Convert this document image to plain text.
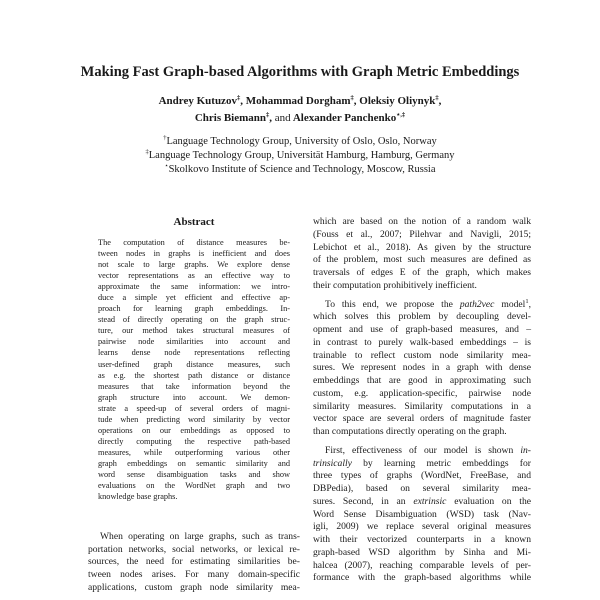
Making Fast Graph-based Algorithms with Graph Metric Embeddings
Andrey Kutuzov‡, Mohammad Dorgham‡, Oleksiy Oliynyk‡,
Chris Biemann‡, and Alexander Panchenko⋆,‡
†Language Technology Group, University of Oslo, Oslo, Norway
‡Language Technology Group, Universität Hamburg, Hamburg, Germany
⋆Skolkovo Institute of Science and Technology, Moscow, Russia
Abstract
The computation of distance measures be-
tween nodes in graphs is inefficient and does
not scale to large graphs. We explore dense
vector representations as an effective way to
approximate the same information: we intro-
duce a simple yet efficient and effective ap-
proach for learning graph embeddings. In-
stead of directly operating on the graph struc-
ture, our method takes structural measures of
pairwise node similarities into account and
learns dense node representations reflecting
user-defined graph distance measures, such
as e.g. the shortest path distance or distance
measures that take information beyond the
graph structure into account. We demon-
strate a speed-up of several orders of magni-
tude when predicting word similarity by vector
operations on our embeddings as opposed to
directly computing the respective path-based
measures, while outperforming various other
graph embeddings on semantic similarity and
word sense disambiguation tasks and show
evaluations on the WordNet graph and two
knowledge base graphs.
When operating on large graphs, such as trans-
portation networks, social networks, or lexical re-
sources, the need for estimating similarities be-
tween nodes arises. For many domain-specific
applications, custom graph node similarity mea-
which are based on the notion of a random walk
(Fouss et al., 2007; Pilehvar and Navigli, 2015;
Lebichot et al., 2018). As given by the structure
of the problem, most such measures are defined as
traversals of edges E of the graph, which makes
their computation prohibitively inefficient.
To this end, we propose the path2vec model$^1$,
which solves this problem by decoupling devel-
opment and use of graph-based measures, and –
in contrast to purely walk-based embeddings – is
trainable to reflect custom node similarity mea-
sures. We represent nodes in a graph with dense
embeddings that are good in approximating such
custom, e.g. application-specific, pairwise node
similarity measures. Similarity computations in a
vector space are several orders of magnitude faster
than computations directly operating on the graph.
First, effectiveness of our model is shown in-
trinsically by learning metric embeddings for
three types of graphs (WordNet, FreeBase, and
DBPedia), based on several similarity mea-
sures. Second, in an extrinsic evaluation on the
Word Sense Disambiguation (WSD) task (Nav-
igli, 2009) we replace several original measures
with their vectorized counterparts in a known
graph-based WSD algorithm by Sinha and Mi-
halcea (2007), reaching comparable levels of per-
formance with the graph-based algorithms while
